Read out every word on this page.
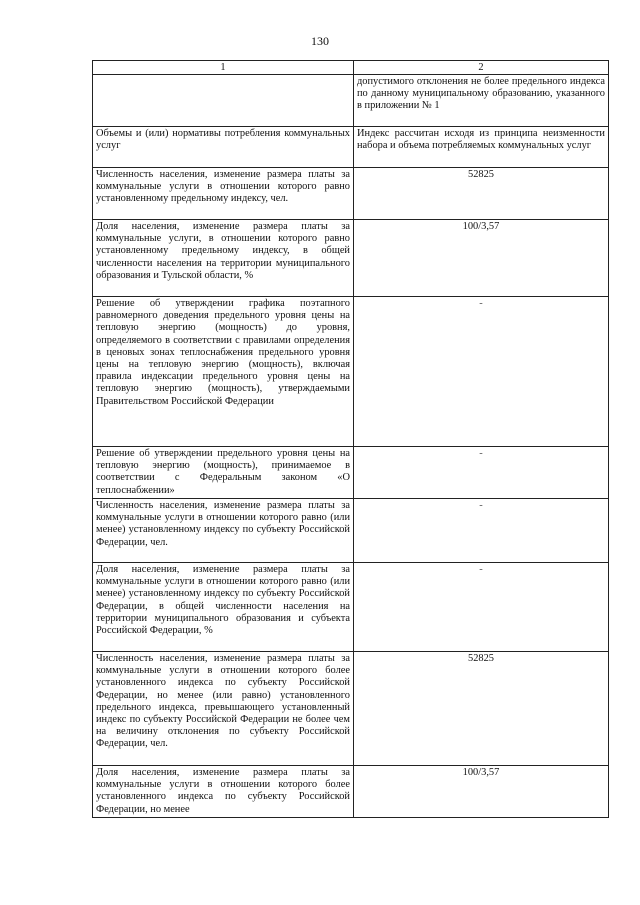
130
1	2
	допустимого отклонения не более предельного индекса по данному муниципальному образованию, указанного в приложении № 1
Объемы и (или) нормативы потребления коммунальных услуг	Индекс рассчитан исходя из принципа неизменности набора и объема потребляемых коммунальных услуг
Численность населения, изменение размера платы за коммунальные услуги в отношении которого равно установленному предельному индексу, чел.	52825
Доля населения, изменение размера платы за коммунальные услуги, в отношении которого равно установленному предельному индексу, в общей численности населения на территории муниципального образования и Тульской области, %	100/3,57
Решение об утверждении графика поэтапного равномерного доведения предельного уровня цены на тепловую энергию (мощность) до уровня, определяемого в соответствии с правилами определения в ценовых зонах теплоснабжения предельного уровня цены на тепловую энергию (мощность), включая правила индексации предельного уровня цены на тепловую энергию (мощность), утверждаемыми Правительством Российской Федерации	-
Решение об утверждении предельного уровня цены на тепловую энергию (мощность), принимаемое в соответствии с Федеральным законом «О теплоснабжении»	-
Численность населения, изменение размера платы за коммунальные услуги в отношении которого равно (или менее) установленному индексу по субъекту Российской Федерации, чел.	-
Доля населения, изменение размера платы за коммунальные услуги в отношении которого равно (или менее) установленному индексу по субъекту Российской Федерации, в общей численности населения на территории муниципального образования и субъекта Российской Федерации, %	-
Численность населения, изменение размера платы за коммунальные услуги в отношении которого более установленного индекса по субъекту Российской Федерации, но менее (или равно) установленного предельного индекса, превышающего установленный индекс по субъекту Российской Федерации не более чем на величину отклонения по субъекту Российской Федерации, чел.	52825
Доля населения, изменение размера платы за коммунальные услуги в отношении которого более установленного индекса по субъекту Российской Федерации, но менее	100/3,57
